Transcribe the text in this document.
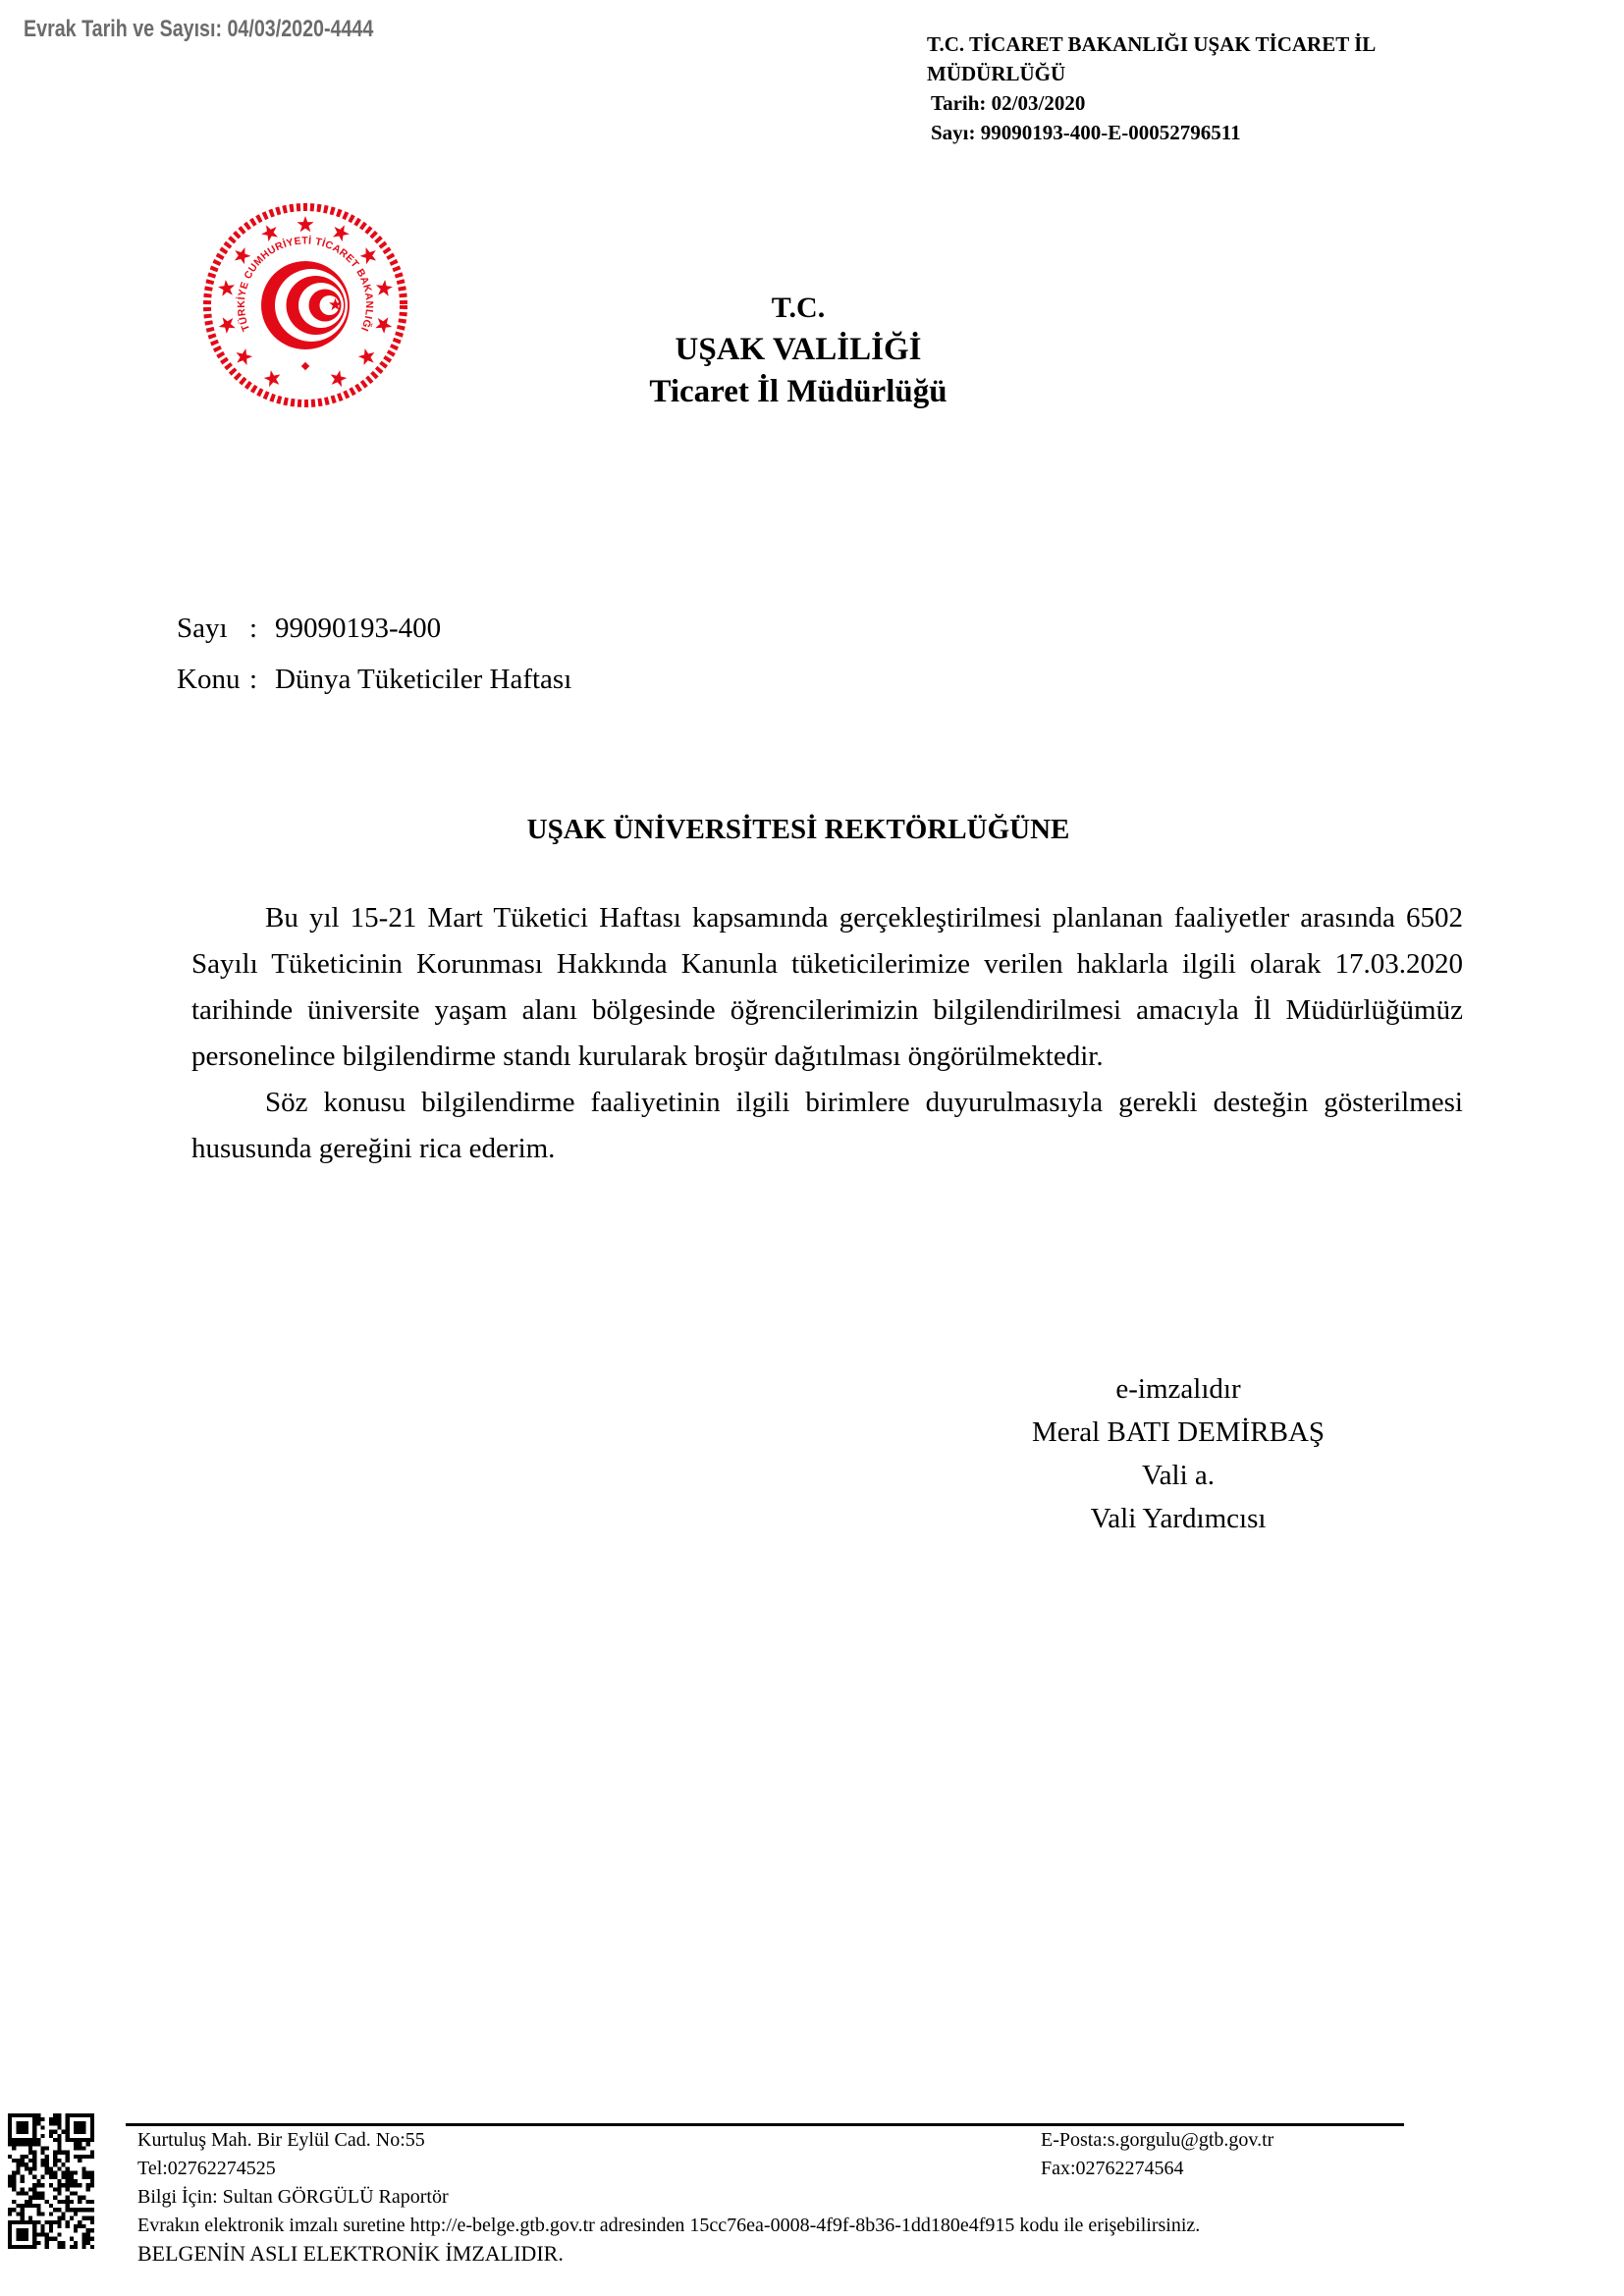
Evrak Tarih ve Sayısı: 04/03/2020-4444
T.C. TİCARET BAKANLIĞI UŞAK TİCARET İL MÜDÜRLÜĞÜ
Tarih: 02/03/2020
Sayı: 99090193-400-E-00052796511
TÜRKİYE CUMHURİYETİ TİCARET BAKANLIĞI
T.C.
UŞAK VALİLİĞİ
Ticaret İl Müdürlüğü
Sayı : 99090193-400
Konu : Dünya Tüketiciler Haftası
UŞAK ÜNİVERSİTESİ REKTÖRLÜĞÜNE

Bu yıl 15-21 Mart Tüketici Haftası kapsamında gerçekleştirilmesi planlanan faaliyetler arasında 6502 Sayılı Tüketicinin Korunması Hakkında Kanunla tüketicilerimize verilen haklarla ilgili olarak 17.03.2020 tarihinde üniversite yaşam alanı bölgesinde öğrencilerimizin bilgilendirilmesi amacıyla İl Müdürlüğümüz personelince bilgilendirme standı kurularak broşür dağıtılması öngörülmektedir.

Söz konusu bilgilendirme faaliyetinin ilgili birimlere duyurulmasıyla gerekli desteğin gösterilmesi hususunda gereğini rica ederim.

e-imzalıdır
Meral BATI DEMİRBAŞ
Vali a.
Vali Yardımcısı
Kurtuluş Mah. Bir Eylül Cad. No:55
Tel:02762274525
Bilgi İçin: Sultan GÖRGÜLÜ Raportör
E-Posta:s.gorgulu@gtb.gov.tr
Fax:02762274564
Evrakın elektronik imzalı suretine http://e-belge.gtb.gov.tr adresinden 15cc76ea-0008-4f9f-8b36-1dd180e4f915 kodu ile erişebilirsiniz.
BELGENİN ASLI ELEKTRONİK İMZALIDIR.
